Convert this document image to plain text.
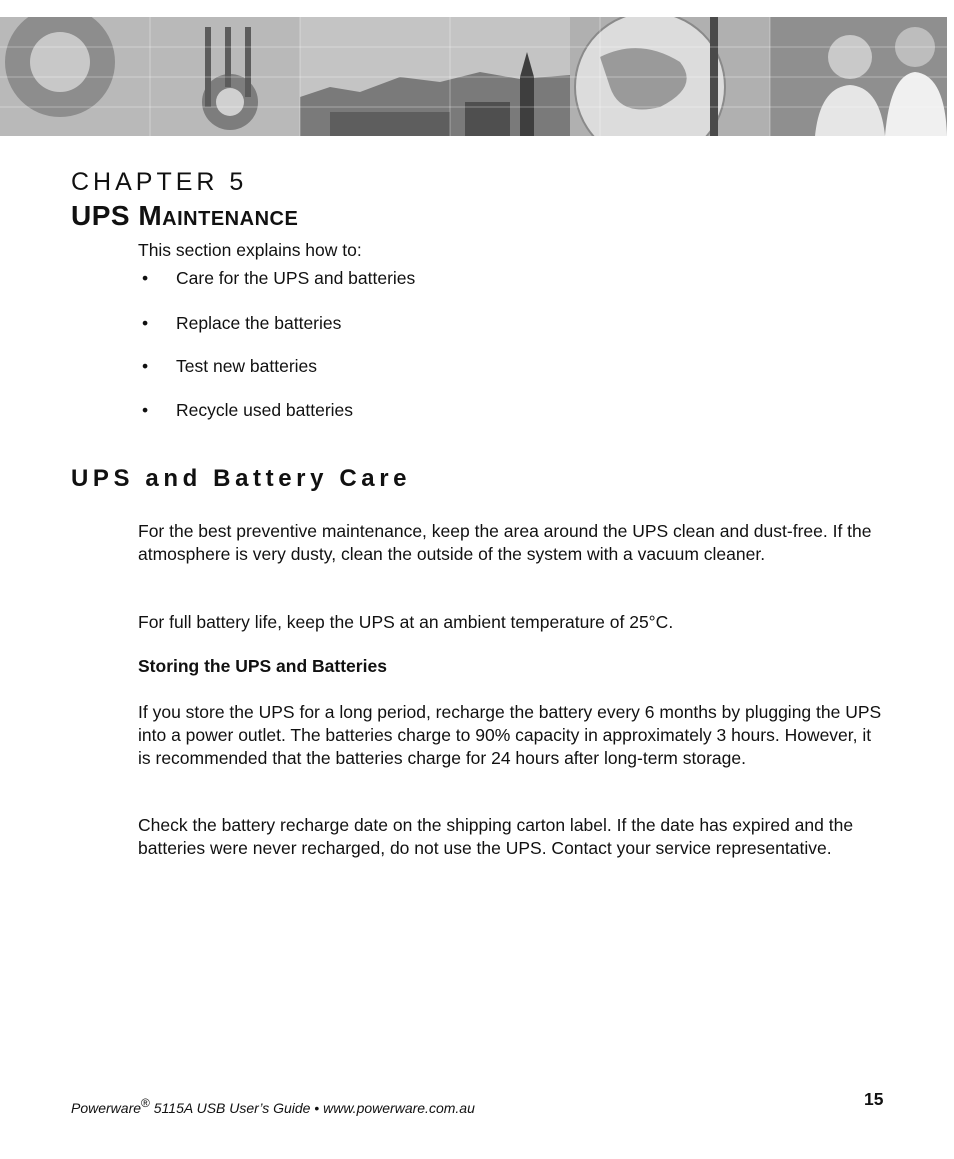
CHAPTER 5
UPS Maintenance
This section explains how to:
• Care for the UPS and batteries
• Replace the batteries
• Test new batteries
• Recycle used batteries
UPS and Battery Care

For the best preventive maintenance, keep the area around the UPS clean and dust-free. If the atmosphere is very dusty, clean the outside of the system with a vacuum cleaner.

For full battery life, keep the UPS at an ambient temperature of 25°C.

Storing the UPS and Batteries

If you store the UPS for a long period, recharge the battery every 6 months by plugging the UPS into a power outlet. The batteries charge to 90% capacity in approximately 3 hours. However, it is recommended that the batteries charge for 24 hours after long-term storage.

Check the battery recharge date on the shipping carton label. If the date has expired and the batteries were never recharged, do not use the UPS. Contact your service representative.

Powerware® 5115A USB User’s Guide • www.powerware.com.au	15
